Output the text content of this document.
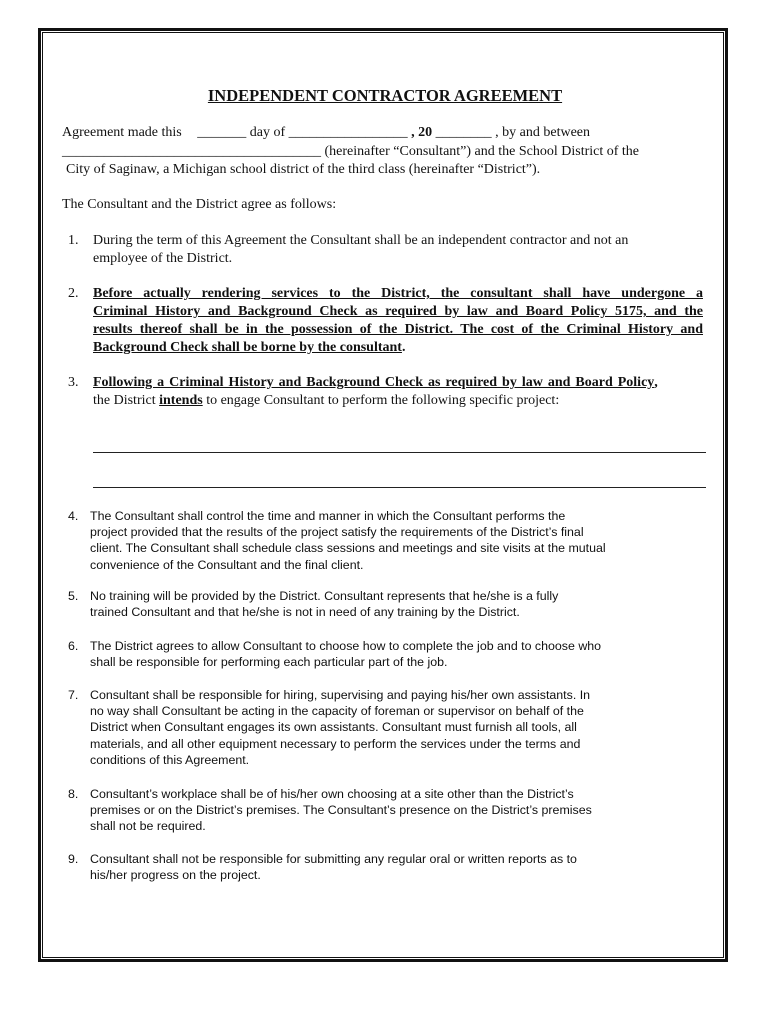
INDEPENDENT CONTRACTOR AGREEMENT
Agreement made this _______ day of _________________ , 20 ________ , by and between
_____________________________________ (hereinafter “Consultant”) and the School District of the
City of Saginaw, a Michigan school district of the third class (hereinafter “District”).
The Consultant and the District agree as follows:
1. During the term of this Agreement the Consultant shall be an independent contractor and not an
employee of the District.
2. Before actually rendering services to the District, the consultant shall have undergone a
Criminal History and Background Check as required by law and Board Policy 5175, and the
results thereof shall be in the possession of the District. The cost of the Criminal History and
Background Check shall be borne by the consultant.
3. Following a Criminal History and Background Check as required by law and Board Policy,
the District intends to engage Consultant to perform the following specific project:
4. The Consultant shall control the time and manner in which the Consultant performs the
project provided that the results of the project satisfy the requirements of the District’s final
client. The Consultant shall schedule class sessions and meetings and site visits at the mutual
convenience of the Consultant and the final client.
5. No training will be provided by the District. Consultant represents that he/she is a fully
trained Consultant and that he/she is not in need of any training by the District.
6. The District agrees to allow Consultant to choose how to complete the job and to choose who
shall be responsible for performing each particular part of the job.
7. Consultant shall be responsible for hiring, supervising and paying his/her own assistants. In
no way shall Consultant be acting in the capacity of foreman or supervisor on behalf of the
District when Consultant engages its own assistants. Consultant must furnish all tools, all
materials, and all other equipment necessary to perform the services under the terms and
conditions of this Agreement.
8. Consultant’s workplace shall be of his/her own choosing at a site other than the District’s
premises or on the District’s premises. The Consultant’s presence on the District’s premises
shall not be required.
9. Consultant shall not be responsible for submitting any regular oral or written reports as to
his/her progress on the project.
